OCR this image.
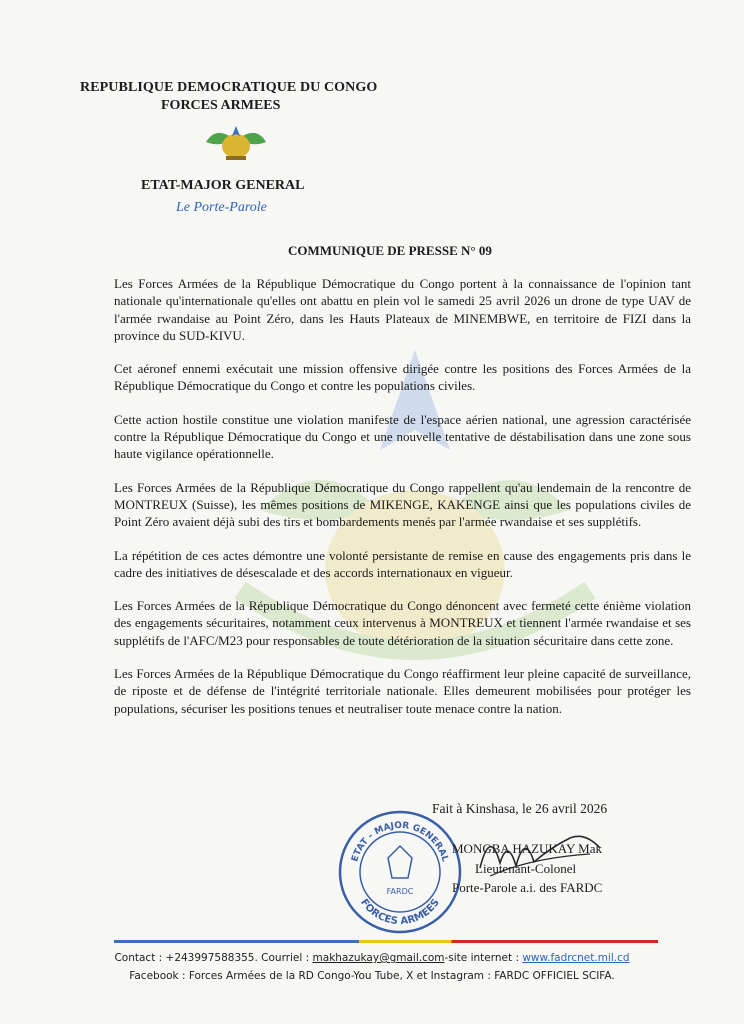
REPUBLIQUE DEMOCRATIQUE DU CONGO
FORCES ARMEES
ETAT-MAJOR GENERAL
Le Porte-Parole
COMMUNIQUE DE PRESSE N° 09

Les Forces Armées de la République Démocratique du Congo portent à la connaissance de l'opinion tant nationale qu'internationale qu'elles ont abattu en plein vol le samedi 25 avril 2026 un drone de type UAV de l'armée rwandaise au Point Zéro, dans les Hauts Plateaux de MINEMBWE, en territoire de FIZI dans la province du SUD-KIVU.

Cet aéronef ennemi exécutait une mission offensive dirigée contre les positions des Forces Armées de la République Démocratique du Congo et contre les populations civiles.

Cette action hostile constitue une violation manifeste de l'espace aérien national, une agression caractérisée contre la République Démocratique du Congo et une nouvelle tentative de déstabilisation dans une zone sous haute vigilance opérationnelle.

Les Forces Armées de la République Démocratique du Congo rappellent qu'au lendemain de la rencontre de MONTREUX (Suisse), les mêmes positions de MIKENGE, KAKENGE ainsi que les populations civiles de Point Zéro avaient déjà subi des tirs et bombardements menés par l'armée rwandaise et ses supplétifs.

La répétition de ces actes démontre une volonté persistante de remise en cause des engagements pris dans le cadre des initiatives de désescalade et des accords internationaux en vigueur.

Les Forces Armées de la République Démocratique du Congo dénoncent avec fermeté cette énième violation des engagements sécuritaires, notamment ceux intervenus à MONTREUX et tiennent l'armée rwandaise et ses supplétifs de l'AFC/M23 pour responsables de toute détérioration de la situation sécuritaire dans cette zone.

Les Forces Armées de la République Démocratique du Congo réaffirment leur pleine capacité de surveillance, de riposte et de défense de l'intégrité territoriale nationale. Elles demeurent mobilisées pour protéger les populations, sécuriser les positions tenues et neutraliser toute menace contre la nation.

Fait à Kinshasa, le 26 avril 2026
ETAT - MAJOR GENERAL
FORCES ARMEES
FARDC
MONGBA HAZUKAY Mak
Lieutenant-Colonel
Porte-Parole a.i. des FARDC
Contact : +243997588355. Courriel : makhazukay@gmail.com-site internet : www.fadrcnet.mil.cd
Facebook : Forces Armées de la RD Congo-You Tube, X et Instagram : FARDC OFFICIEL SCIFA.
